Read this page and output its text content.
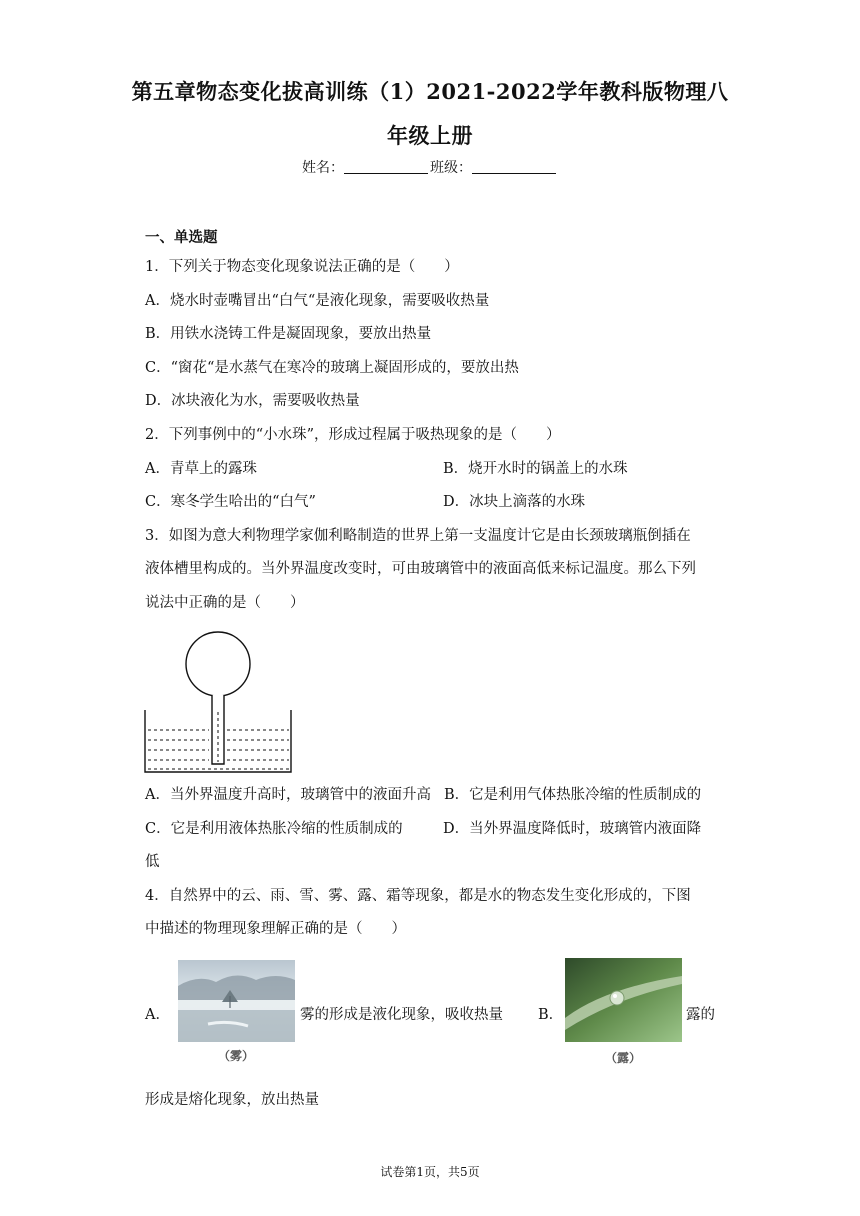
第五章物态变化拔高训练（1）2021-2022学年教科版物理八
年级上册
姓名：	班级：
一、单选题
1．下列关于物态变化现象说法正确的是（　　）
A．烧水时壶嘴冒出“白气“是液化现象，需要吸收热量
B．用铁水浇铸工件是凝固现象，要放出热量
C．“窗花“是水蒸气在寒冷的玻璃上凝固形成的，要放出热
D．冰块液化为水，需要吸收热量
2．下列事例中的“小水珠”，形成过程属于吸热现象的是（　　）
A．青草上的露珠	B．烧开水时的锅盖上的水珠
C．寒冬学生哈出的“白气”	D．冰块上滴落的水珠
3．如图为意大利物理学家伽利略制造的世界上第一支温度计它是由长颈玻璃瓶倒插在
液体槽里构成的。当外界温度改变时，可由玻璃管中的液面高低来标记温度。那么下列
说法中正确的是（　　）
A．当外界温度升高时，玻璃管中的液面升高 B．它是利用气体热胀冷缩的性质制成的
C．它是利用液体热胀冷缩的性质制成的	D．当外界温度降低时，玻璃管内液面降
低
4．自然界中的云、雨、雪、雾、露、霜等现象，都是水的物态发生变化形成的，下图
中描述的物理现象理解正确的是（　　）
A．
（雾）
雾的形成是液化现象，吸收热量 B．
（露）
露的
形成是熔化现象，放出热量
试卷第1页，共5页
